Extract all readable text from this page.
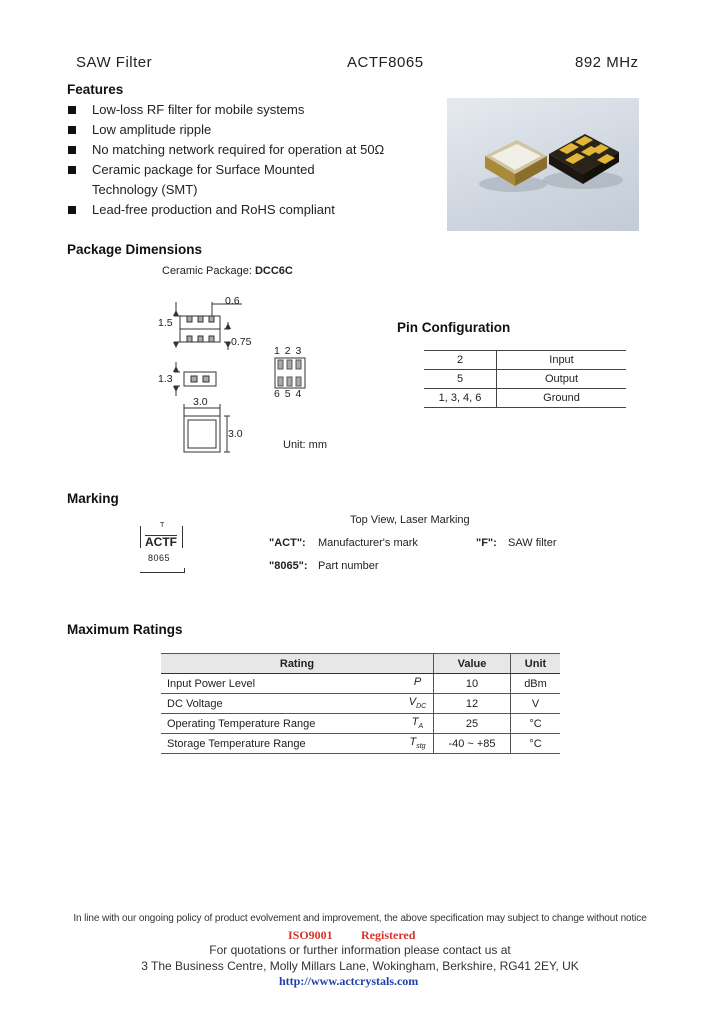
SAW Filter	ACTF8065	892 MHz
Features
Low-loss RF filter for mobile systems
Low amplitude ripple
No matching network required for operation at 50Ω
Ceramic package for Surface Mounted
Technology (SMT)
Lead-free production and RoHS compliant
Package Dimensions
Ceramic Package: DCC6C
0.6
1.5
0.75
1.3
3.0
3.0
1 2 3
6 5 4
Unit: mm
Pin Configuration
2	Input
5	Output
1, 3, 4, 6	Ground
Marking
Top View, Laser Marking
T
ACTF
8065
"ACT": Manufacturer's mark	"F": SAW filter
"8065": Part number
Maximum Ratings
Rating		Value	Unit
Input Power Level	P	10	dBm
DC Voltage	$V_{DC}$	12	V
Operating Temperature Range	$T_A$	25	°C
Storage Temperature Range	$T_{stg}$	-40 ~ +85	°C
In line with our ongoing policy of product evolvement and improvement, the above specification may subject to change without notice
ISO9001 Registered
For quotations or further information please contact us at
3 The Business Centre, Molly Millars Lane, Wokingham, Berkshire, RG41 2EY, UK
http://www.actcrystals.com
